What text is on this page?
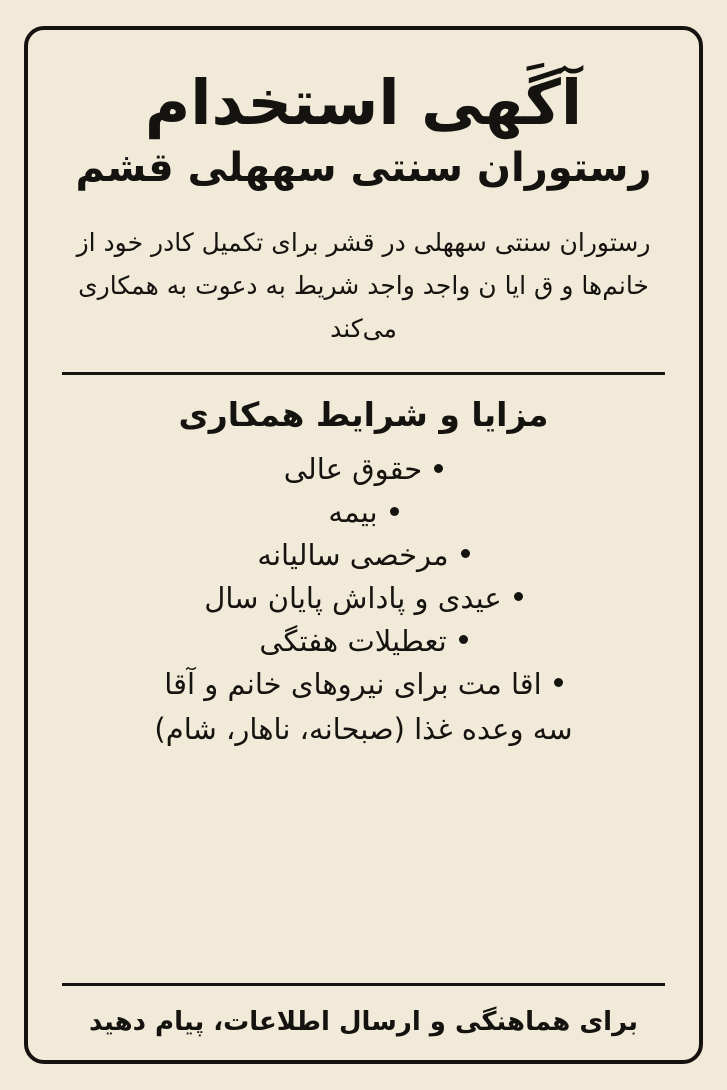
آگَهی استخدام
رستوران سنتی سههلی قشم
رستوران سنتی سههلی در قشر برای تکمیل کادر خود از خانم‌ها و ق ایا ن واجد واجد شریط به دعوت به همکاری می‌کند
مزایا و شرایط همکاری
حقوق عالی
بیمه
مرخصی سالیانه
عیدی و پاداش پایان سال
تعطیلات هفتگی
اقا مت برای نیروهای خانم و آقا
سه وعده غذا (صبحانه، ناهار، شام)
برای هماهنگی و ارسال اطلاعات، پیام دهید
